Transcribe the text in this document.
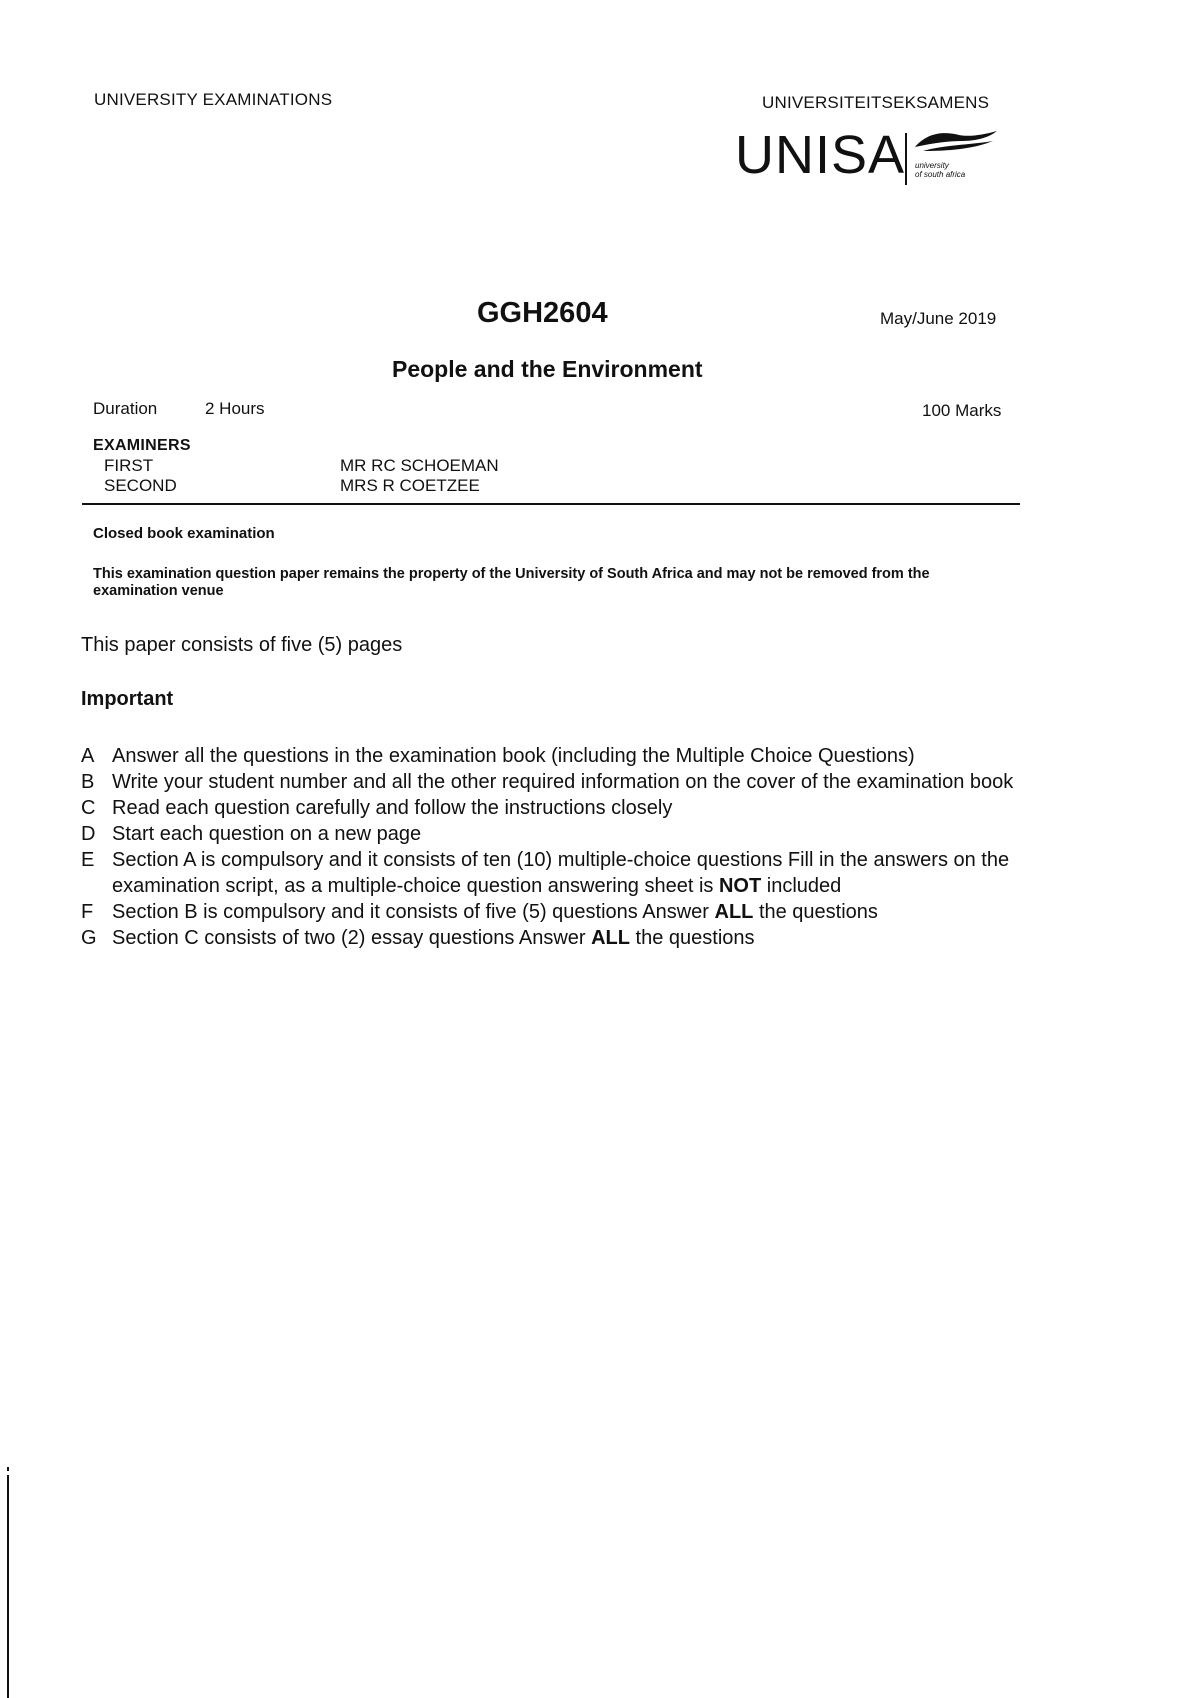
UNIVERSITY EXAMINATIONS	UNIVERSITEITSEKSAMENS
UNISA university
of south africa
GGH2604	May/June 2019
People and the Environment
Duration	2 Hours	100 Marks
EXAMINERS
FIRST	MR RC SCHOEMAN
SECOND	MRS R COETZEE
Closed book examination
This examination question paper remains the property of the University of South Africa and may not be removed from the examination venue
This paper consists of five (5) pages
Important
A Answer all the questions in the examination book (including the Multiple Choice Questions)
B Write your student number and all the other required information on the cover of the examination book
C Read each question carefully and follow the instructions closely
D Start each question on a new page
E Section A is compulsory and it consists of ten (10) multiple-choice questions Fill in the answers on the examination script, as a multiple-choice question answering sheet is NOT included
F Section B is compulsory and it consists of five (5) questions Answer ALL the questions
G Section C consists of two (2) essay questions Answer ALL the questions
